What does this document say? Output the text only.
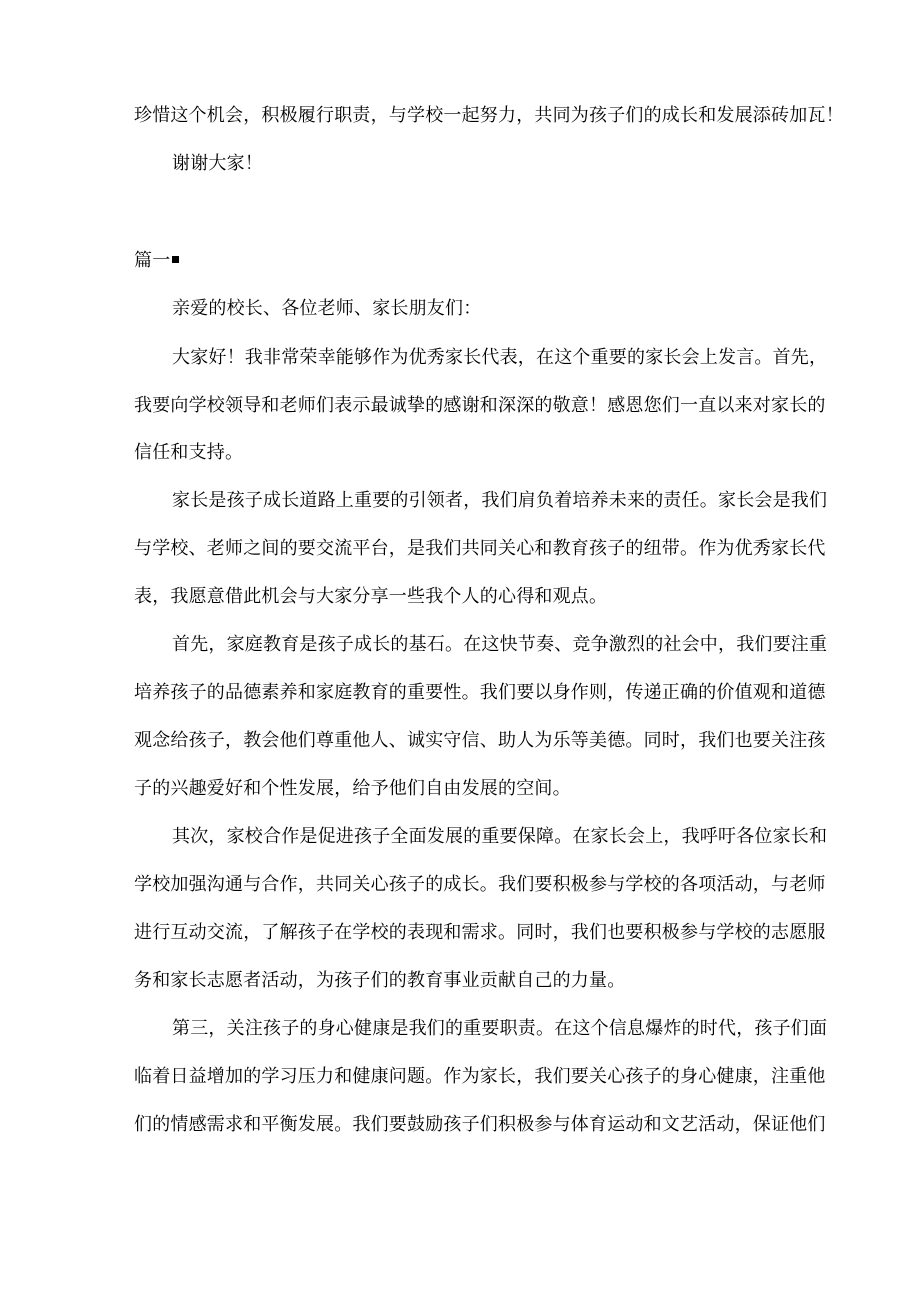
珍惜这个机会，积极履行职责，与学校一起努力，共同为孩子们的成长和发展添砖加瓦！
谢谢大家！
篇一
亲爱的校长、各位老师、家长朋友们：
大家好！我非常荣幸能够作为优秀家长代表，在这个重要的家长会上发言。首先，
我要向学校领导和老师们表示最诚挚的感谢和深深的敬意！感恩您们一直以来对家长的
信任和支持。
家长是孩子成长道路上重要的引领者，我们肩负着培养未来的责任。家长会是我们
与学校、老师之间的要交流平台，是我们共同关心和教育孩子的纽带。作为优秀家长代
表，我愿意借此机会与大家分享一些我个人的心得和观点。
首先，家庭教育是孩子成长的基石。在这快节奏、竞争激烈的社会中，我们要注重
培养孩子的品德素养和家庭教育的重要性。我们要以身作则，传递正确的价值观和道德
观念给孩子，教会他们尊重他人、诚实守信、助人为乐等美德。同时，我们也要关注孩
子的兴趣爱好和个性发展，给予他们自由发展的空间。
其次，家校合作是促进孩子全面发展的重要保障。在家长会上，我呼吁各位家长和
学校加强沟通与合作，共同关心孩子的成长。我们要积极参与学校的各项活动，与老师
进行互动交流，了解孩子在学校的表现和需求。同时，我们也要积极参与学校的志愿服
务和家长志愿者活动，为孩子们的教育事业贡献自己的力量。
第三，关注孩子的身心健康是我们的重要职责。在这个信息爆炸的时代，孩子们面
临着日益增加的学习压力和健康问题。作为家长，我们要关心孩子的身心健康，注重他
们的情感需求和平衡发展。我们要鼓励孩子们积极参与体育运动和文艺活动，保证他们
